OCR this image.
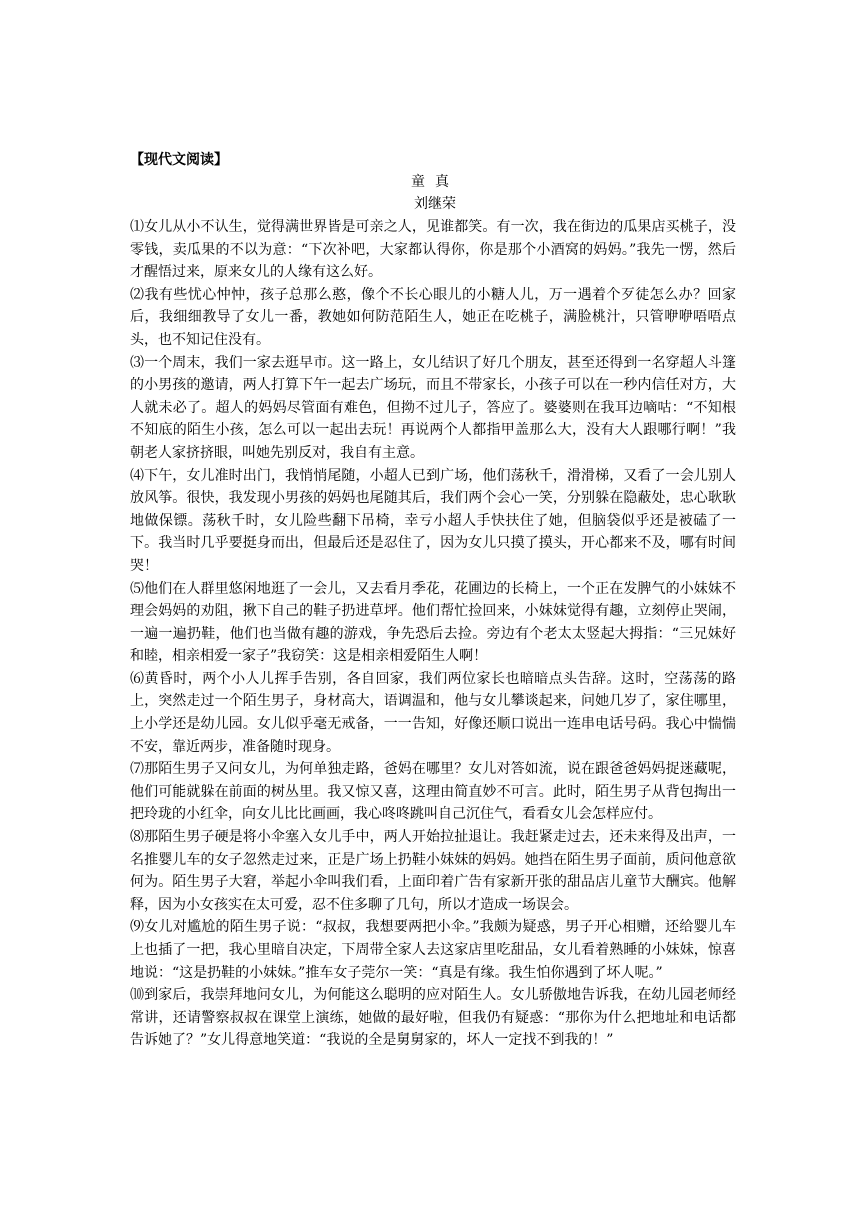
【现代文阅读】
童真
刘继荣

⑴女儿从小不认生，觉得满世界皆是可亲之人，见谁都笑。有一次，我在街边的瓜果店买桃子，没零钱，卖瓜果的不以为意：“下次补吧，大家都认得你，你是那个小酒窝的妈妈。”我先一愣，然后才醒悟过来，原来女儿的人缘有这么好。

⑵我有些忧心忡忡，孩子总那么憨，像个不长心眼儿的小糖人儿，万一遇着个歹徒怎么办？回家后，我细细教导了女儿一番，教她如何防范陌生人，她正在吃桃子，满脸桃汁，只管咿咿唔唔点头，也不知记住没有。

⑶一个周末，我们一家去逛早市。这一路上，女儿结识了好几个朋友，甚至还得到一名穿超人斗篷的小男孩的邀请，两人打算下午一起去广场玩，而且不带家长，小孩子可以在一秒内信任对方，大人就未必了。超人的妈妈尽管面有难色，但拗不过儿子，答应了。婆婆则在我耳边嘀咕：“不知根不知底的陌生小孩，怎么可以一起出去玩！再说两个人都指甲盖那么大，没有大人跟哪行啊！”我朝老人家挤挤眼，叫她先别反对，我自有主意。

⑷下午，女儿准时出门，我悄悄尾随，小超人已到广场，他们荡秋千，滑滑梯，又看了一会儿别人放风筝。很快，我发现小男孩的妈妈也尾随其后，我们两个会心一笑，分别躲在隐蔽处，忠心耿耿地做保镖。荡秋千时，女儿险些翻下吊椅，幸亏小超人手快扶住了她，但脑袋似乎还是被磕了一下。我当时几乎要挺身而出，但最后还是忍住了，因为女儿只摸了摸头，开心都来不及，哪有时间哭！

⑸他们在人群里悠闲地逛了一会儿，又去看月季花，花圃边的长椅上，一个正在发脾气的小妹妹不理会妈妈的劝阻，揪下自己的鞋子扔进草坪。他们帮忙捡回来，小妹妹觉得有趣，立刻停止哭闹，一遍一遍扔鞋，他们也当做有趣的游戏，争先恐后去捡。旁边有个老太太竖起大拇指：“三兄妹好和睦，相亲相爱一家子”我窃笑：这是相亲相爱陌生人啊！

⑹黄昏时，两个小人儿挥手告别，各自回家，我们两位家长也暗暗点头告辞。这时，空荡荡的路上，突然走过一个陌生男子，身材高大，语调温和，他与女儿攀谈起来，问她几岁了，家住哪里，上小学还是幼儿园。女儿似乎毫无戒备，一一告知，好像还顺口说出一连串电话号码。我心中惴惴不安，靠近两步，准备随时现身。

⑺那陌生男子又问女儿，为何单独走路，爸妈在哪里？女儿对答如流，说在跟爸爸妈妈捉迷藏呢，他们可能就躲在前面的树丛里。我又惊又喜，这理由简直妙不可言。此时，陌生男子从背包掏出一把玲珑的小红伞，向女儿比比画画，我心咚咚跳叫自己沉住气，看看女儿会怎样应付。

⑻那陌生男子硬是将小伞塞入女儿手中，两人开始拉扯退让。我赶紧走过去，还未来得及出声，一名推婴儿车的女子忽然走过来，正是广场上扔鞋小妹妹的妈妈。她挡在陌生男子面前，质问他意欲何为。陌生男子大窘，举起小伞叫我们看，上面印着广告有家新开张的甜品店儿童节大酬宾。他解释，因为小女孩实在太可爱，忍不住多聊了几句，所以才造成一场误会。

⑼女儿对尴尬的陌生男子说：“叔叔，我想要两把小伞。”我颇为疑惑，男子开心相赠，还给婴儿车上也插了一把，我心里暗自决定，下周带全家人去这家店里吃甜品，女儿看着熟睡的小妹妹，惊喜地说：“这是扔鞋的小妹妹。”推车女子莞尔一笑：“真是有缘。我生怕你遇到了坏人呢。”

⑽到家后，我崇拜地问女儿，为何能这么聪明的应对陌生人。女儿骄傲地告诉我，在幼儿园老师经常讲，还请警察叔叔在课堂上演练，她做的最好啦，但我仍有疑惑：“那你为什么把地址和电话都告诉她了？”女儿得意地笑道：“我说的全是舅舅家的，坏人一定找不到我的！”
